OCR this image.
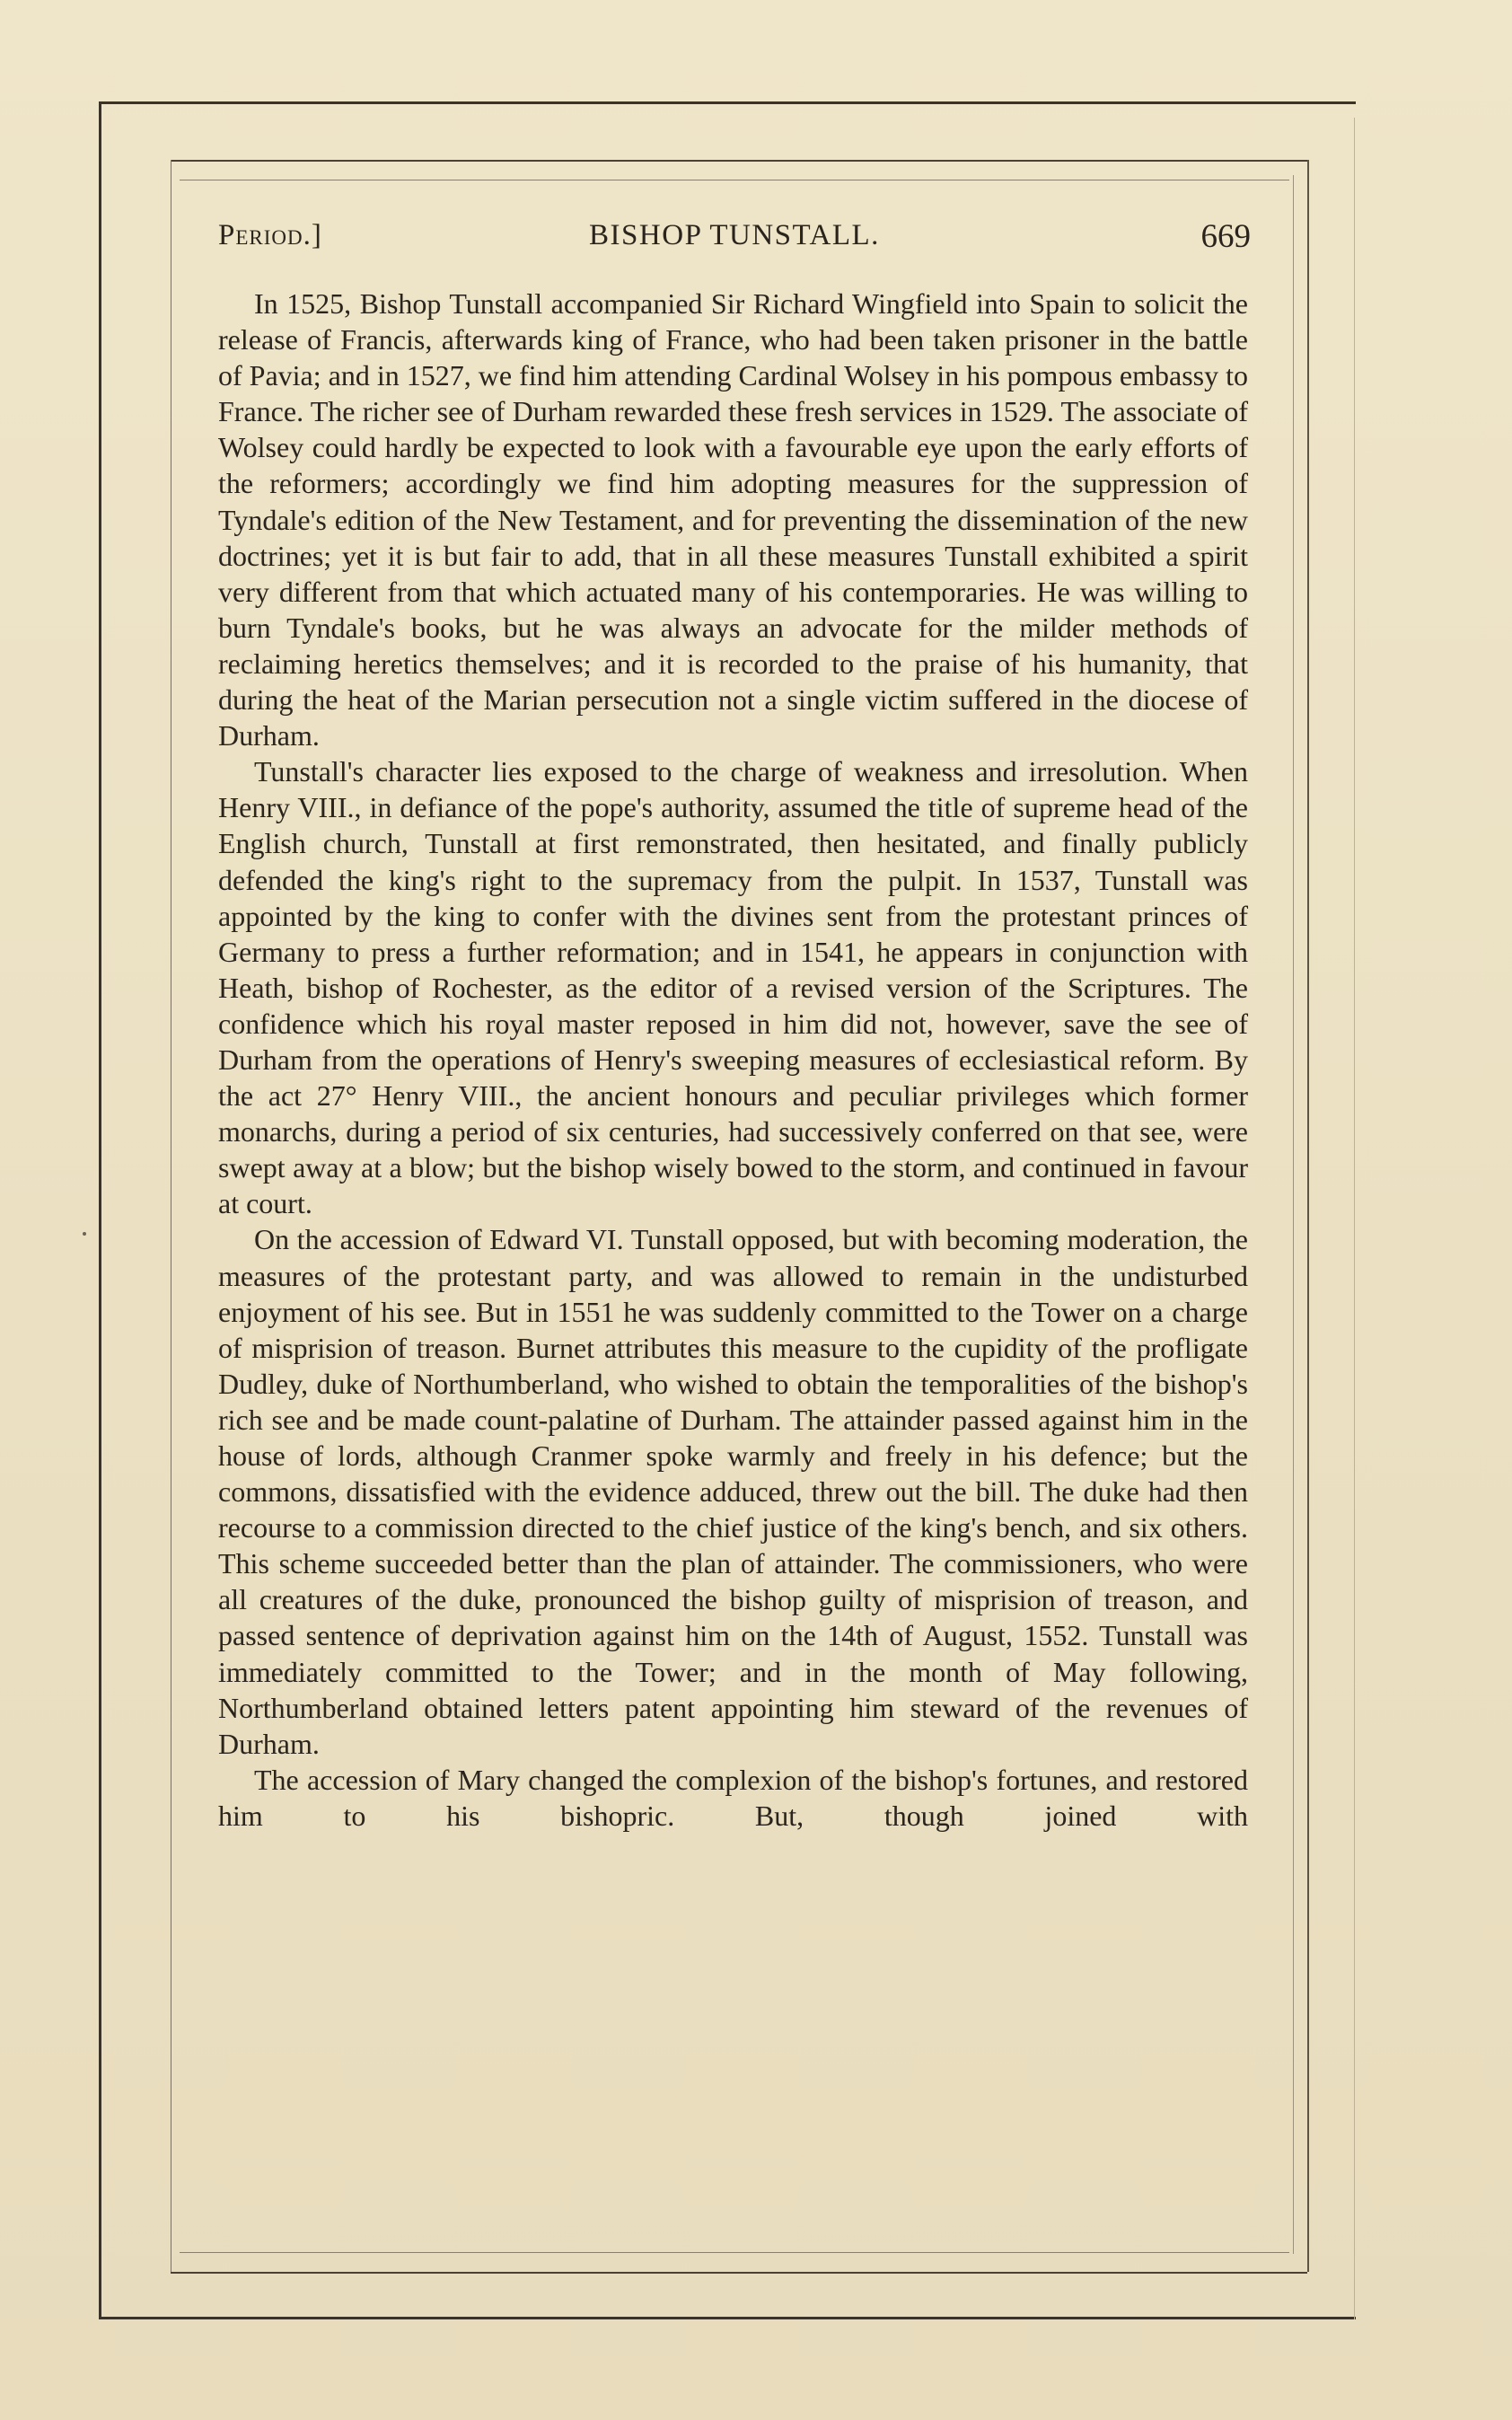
Period.]	BISHOP TUNSTALL.	669

In 1525, Bishop Tunstall accompanied Sir Richard Wingfield into Spain to solicit the release of Francis, afterwards king of France, who had been taken prisoner in the battle of Pavia; and in 1527, we find him attending Cardinal Wolsey in his pompous embassy to France. The richer see of Durham rewarded these fresh services in 1529. The associate of Wolsey could hardly be expected to look with a favourable eye upon the early efforts of the reformers; accordingly we find him adopting measures for the suppression of Tyndale's edition of the New Testament, and for preventing the dissemination of the new doctrines; yet it is but fair to add, that in all these measures Tunstall exhibited a spirit very different from that which actuated many of his contemporaries. He was willing to burn Tyndale's books, but he was always an advocate for the milder methods of reclaiming heretics themselves; and it is recorded to the praise of his humanity, that during the heat of the Marian persecution not a single victim suffered in the diocese of Durham.

Tunstall's character lies exposed to the charge of weakness and irresolution. When Henry VIII., in defiance of the pope's authority, assumed the title of supreme head of the English church, Tunstall at first remonstrated, then hesitated, and finally publicly defended the king's right to the supremacy from the pulpit. In 1537, Tunstall was appointed by the king to confer with the divines sent from the protestant princes of Germany to press a further reformation; and in 1541, he appears in conjunction with Heath, bishop of Rochester, as the editor of a revised version of the Scriptures. The confidence which his royal master reposed in him did not, however, save the see of Durham from the operations of Henry's sweeping measures of ecclesiastical reform. By the act 27° Henry VIII., the ancient honours and peculiar privileges which former monarchs, during a period of six centuries, had successively conferred on that see, were swept away at a blow; but the bishop wisely bowed to the storm, and continued in favour at court.

On the accession of Edward VI. Tunstall opposed, but with becoming moderation, the measures of the protestant party, and was allowed to remain in the undisturbed enjoyment of his see. But in 1551 he was suddenly committed to the Tower on a charge of misprision of treason. Burnet attributes this measure to the cupidity of the profligate Dudley, duke of Northumberland, who wished to obtain the temporalities of the bishop's rich see and be made count-palatine of Durham. The attainder passed against him in the house of lords, although Cranmer spoke warmly and freely in his defence; but the commons, dissatisfied with the evidence adduced, threw out the bill. The duke had then recourse to a commission directed to the chief justice of the king's bench, and six others. This scheme succeeded better than the plan of attainder. The commissioners, who were all creatures of the duke, pronounced the bishop guilty of misprision of treason, and passed sentence of deprivation against him on the 14th of August, 1552. Tunstall was immediately committed to the Tower; and in the month of May following, Northumberland obtained letters patent appointing him steward of the revenues of Durham.

The accession of Mary changed the complexion of the bishop's fortunes, and restored him to his bishopric. But, though joined with
